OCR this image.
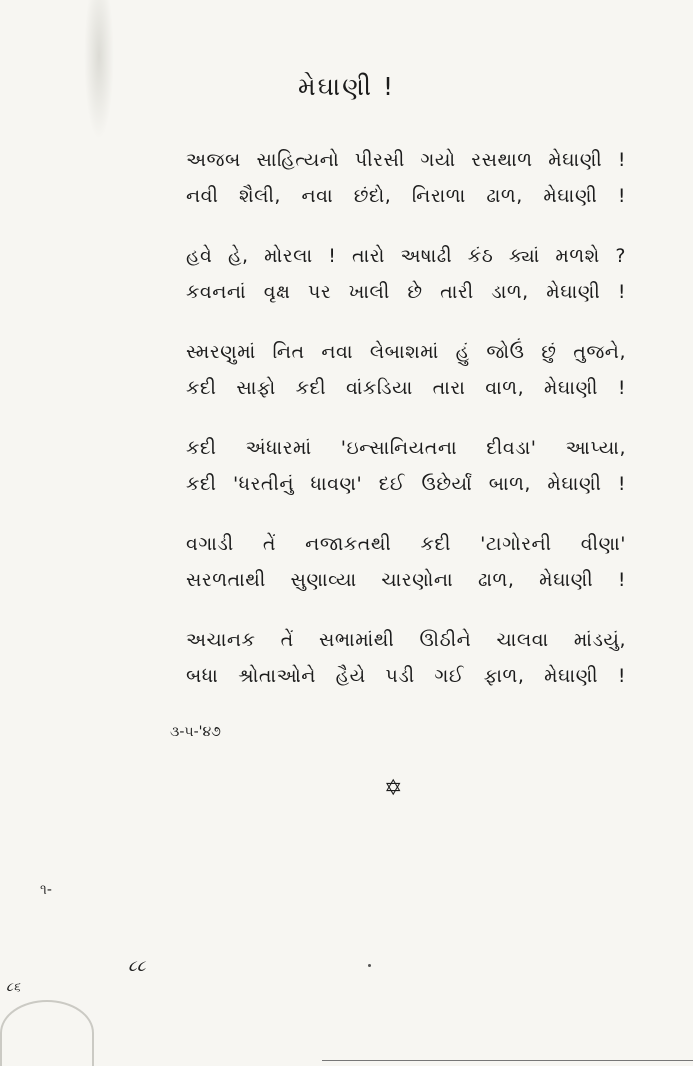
મેઘાણી !
અજબ સાહિત્યનો પીરસી ગયો રસથાળ મેઘાણી !
નવી શૈલી, નવા છંદો, નિરાળા ઢાળ, મેઘાણી !
હવે હે, મોરલા ! તારો અષાઢી કંઠ ક્યાં મળશે ?
કવનનાં વૃક્ષ પર ખાલી છે તારી ડાળ, મેઘાણી !
સ્મરણુમાં નિત નવા લેબાશમાં હું જોઉં છું તુજને,
કદી સાફો કદી વાંકડિયા તારા વાળ, મેઘાણી !
કદી અંધારમાં 'ઇન્સાનિયતના દીવડા' આપ્યા,
કદી 'ધરતીનું ધાવણ' દઈ ઉછેર્યાં બાળ, મેઘાણી !
વગાડી તેં નજાકતથી કદી 'ટાગોરની વીણા'
સરળતાથી સુણાવ્યા ચારણોના ઢાળ, મેઘાણી !
અચાનક તેં સભામાંથી ઊઠીને ચાલવા માંડયું,
બધા શ્રોતાઓને હૈયે પડી ગઈ ફાળ, મેઘાણી !
૩-૫-'૪૭
✡
૧-
૮૮
૮૬
